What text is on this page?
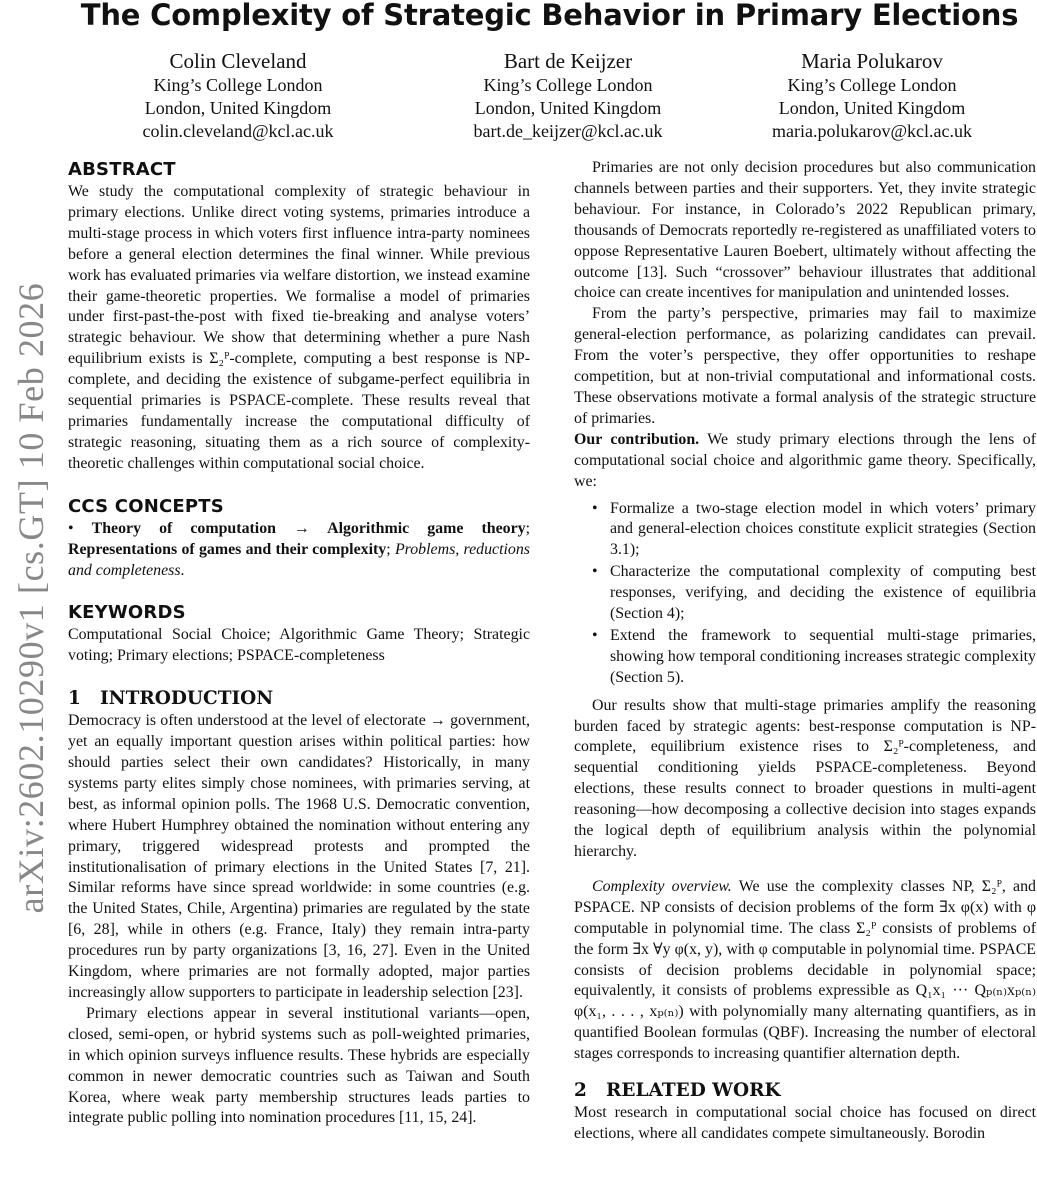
arXiv:2602.10290v1 [cs.GT] 10 Feb 2026
The Complexity of Strategic Behavior in Primary Elections
Colin Cleveland
King’s College London
London, United Kingdom
colin.cleveland@kcl.ac.uk
Bart de Keijzer
King’s College London
London, United Kingdom
bart.de_keijzer@kcl.ac.uk
Maria Polukarov
King’s College London
London, United Kingdom
maria.polukarov@kcl.ac.uk
ABSTRACT

We study the computational complexity of strategic behaviour in primary elections. Unlike direct voting systems, primaries introduce a multi-stage process in which voters first influence intra-party nominees before a general election determines the final winner. While previous work has evaluated primaries via welfare distortion, we instead examine their game-theoretic properties. We formalise a model of primaries under first-past-the-post with fixed tie-breaking and analyse voters’ strategic behaviour. We show that determining whether a pure Nash equilibrium exists is Σ₂ᴾ-complete, computing a best response is NP-complete, and deciding the existence of subgame-perfect equilibria in sequential primaries is PSPACE-complete. These results reveal that primaries fundamentally increase the computational difficulty of strategic reasoning, situating them as a rich source of complexity-theoretic challenges within computational social choice.

CCS CONCEPTS

• Theory of computation → Algorithmic game theory; Representations of games and their complexity; Problems, reductions and completeness.

KEYWORDS

Computational Social Choice; Algorithmic Game Theory; Strategic voting; Primary elections; PSPACE-completeness

1 INTRODUCTION

Democracy is often understood at the level of electorate → government, yet an equally important question arises within political parties: how should parties select their own candidates? Historically, in many systems party elites simply chose nominees, with primaries serving, at best, as informal opinion polls. The 1968 U.S. Democratic convention, where Hubert Humphrey obtained the nomination without entering any primary, triggered widespread protests and prompted the institutionalisation of primary elections in the United States [7, 21]. Similar reforms have since spread worldwide: in some countries (e.g. the United States, Chile, Argentina) primaries are regulated by the state [6, 28], while in others (e.g. France, Italy) they remain intra-party procedures run by party organizations [3, 16, 27]. Even in the United Kingdom, where primaries are not formally adopted, major parties increasingly allow supporters to participate in leadership selection [23].

Primary elections appear in several institutional variants—open, closed, semi-open, or hybrid systems such as poll-weighted primaries, in which opinion surveys influence results. These hybrids are especially common in newer democratic countries such as Taiwan and South Korea, where weak party membership structures leads parties to integrate public polling into nomination procedures [11, 15, 24].

Primaries are not only decision procedures but also communication channels between parties and their supporters. Yet, they invite strategic behaviour. For instance, in Colorado’s 2022 Republican primary, thousands of Democrats reportedly re-registered as unaffiliated voters to oppose Representative Lauren Boebert, ultimately without affecting the outcome [13]. Such “crossover” behaviour illustrates that additional choice can create incentives for manipulation and unintended losses.

From the party’s perspective, primaries may fail to maximize general-election performance, as polarizing candidates can prevail. From the voter’s perspective, they offer opportunities to reshape competition, but at non-trivial computational and informational costs. These observations motivate a formal analysis of the strategic structure of primaries.

Our contribution. We study primary elections through the lens of computational social choice and algorithmic game theory. Specifically, we:

• Formalize a two-stage election model in which voters’ primary and general-election choices constitute explicit strategies (Section 3.1);
• Characterize the computational complexity of computing best responses, verifying, and deciding the existence of equilibria (Section 4);
• Extend the framework to sequential multi-stage primaries, showing how temporal conditioning increases strategic complexity (Section 5).

Our results show that multi-stage primaries amplify the reasoning burden faced by strategic agents: best-response computation is NP-complete, equilibrium existence rises to Σ₂ᴾ-completeness, and sequential conditioning yields PSPACE-completeness. Beyond elections, these results connect to broader questions in multi-agent reasoning—how decomposing a collective decision into stages expands the logical depth of equilibrium analysis within the polynomial hierarchy.

Complexity overview. We use the complexity classes NP, Σ₂ᴾ, and PSPACE. NP consists of decision problems of the form ∃x φ(x) with φ computable in polynomial time. The class Σ₂ᴾ consists of problems of the form ∃x ∀y φ(x, y), with φ computable in polynomial time. PSPACE consists of decision problems decidable in polynomial space; equivalently, it consists of problems expressible as Q₁x₁ ··· Qₚ₍ₙ₎xₚ₍ₙ₎ φ(x₁, . . . , xₚ₍ₙ₎) with polynomially many alternating quantifiers, as in quantified Boolean formulas (QBF). Increasing the number of electoral stages corresponds to increasing quantifier alternation depth.

2 RELATED WORK

Most research in computational social choice has focused on direct elections, where all candidates compete simultaneously. Borodin
